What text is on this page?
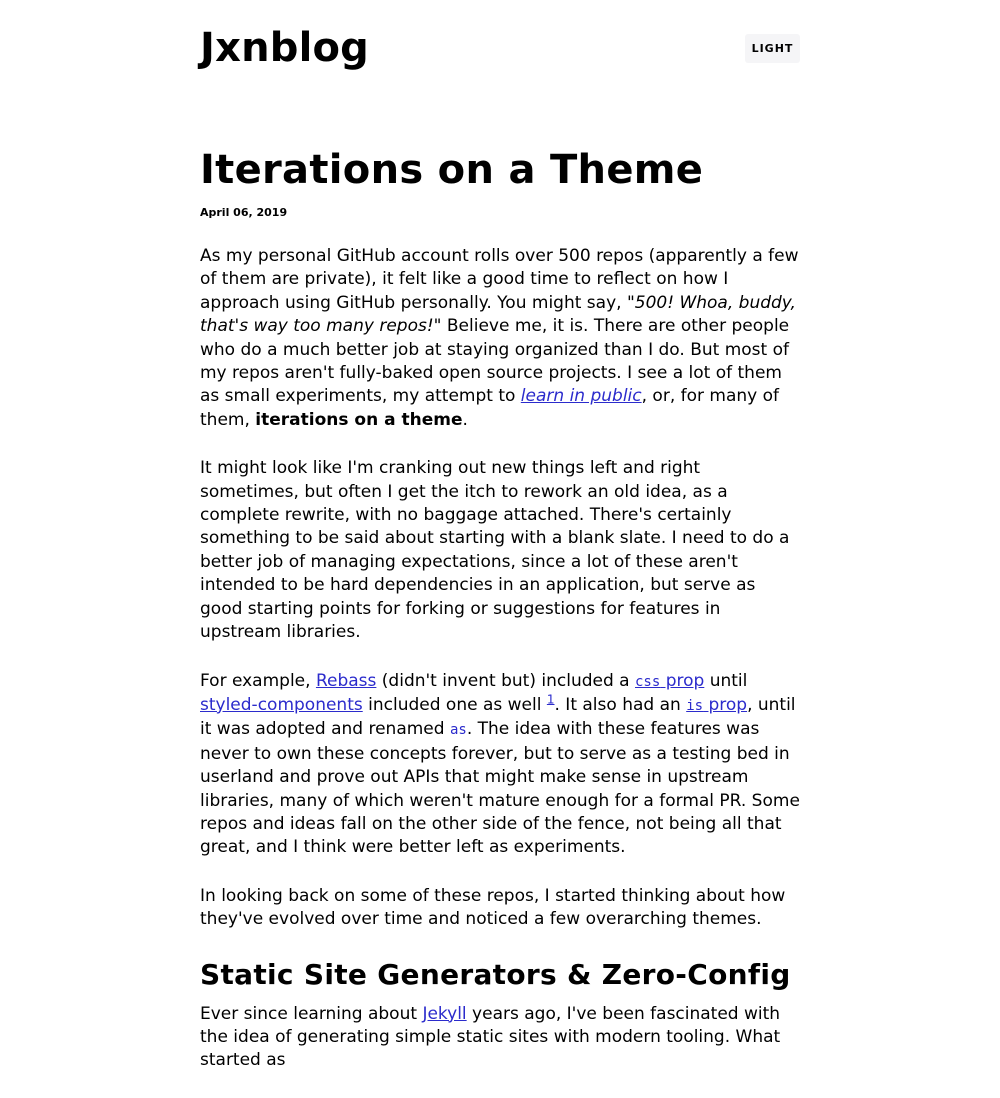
Jxnblog	LIGHT
Iterations on a Theme
April 06, 2019

As my personal GitHub account rolls over 500 repos (apparently a few of them are private), it felt like a good time to reflect on how I approach using GitHub personally. You might say, "500! Whoa, buddy, that's way too many repos!" Believe me, it is. There are other people who do a much better job at staying organized than I do. But most of my repos aren't fully-baked open source projects. I see a lot of them as small experiments, my attempt to learn in public, or, for many of them, iterations on a theme.

It might look like I'm cranking out new things left and right sometimes, but often I get the itch to rework an old idea, as a complete rewrite, with no baggage attached. There's certainly something to be said about starting with a blank slate. I need to do a better job of managing expectations, since a lot of these aren't intended to be hard dependencies in an application, but serve as good starting points for forking or suggestions for features in upstream libraries.

For example, Rebass (didn't invent but) included a css prop until styled-components included one as well $^1$. It also had an is prop, until it was adopted and renamed as. The idea with these features was never to own these concepts forever, but to serve as a testing bed in userland and prove out APIs that might make sense in upstream libraries, many of which weren't mature enough for a formal PR. Some repos and ideas fall on the other side of the fence, not being all that great, and I think were better left as experiments.

In looking back on some of these repos, I started thinking about how they've evolved over time and noticed a few overarching themes.

Static Site Generators & Zero-Config

Ever since learning about Jekyll years ago, I've been fascinated with the idea of generating simple static sites with modern tooling. What started as
